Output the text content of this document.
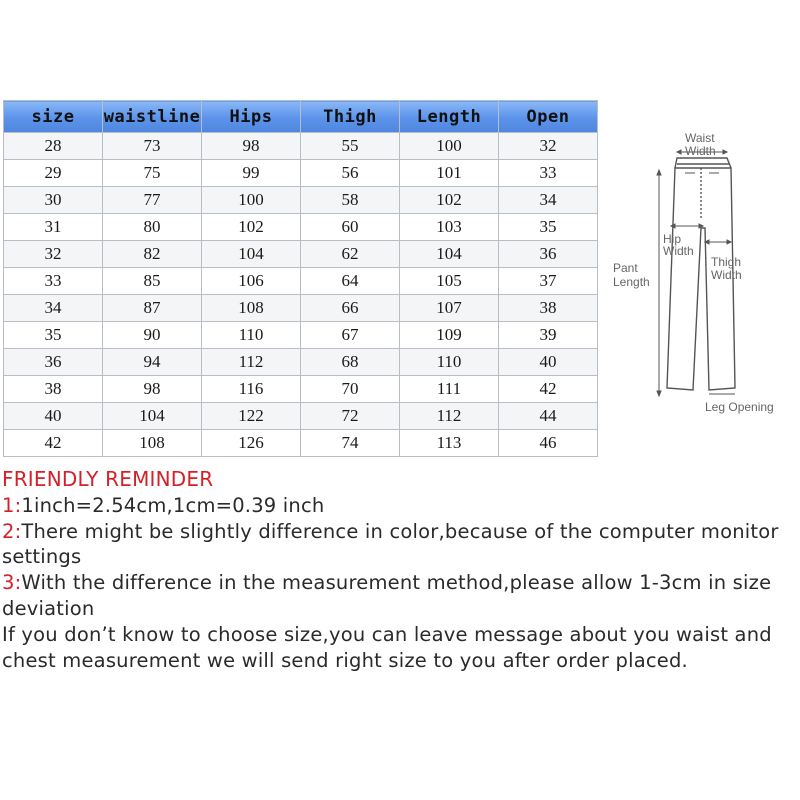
size	waistline	Hips	Thigh	Length	Open
28	73	98	55	100	32
29	75	99	56	101	33
30	77	100	58	102	34
31	80	102	60	103	35
32	82	104	62	104	36
33	85	106	64	105	37
34	87	108	66	107	38
35	90	110	67	109	39
36	94	112	68	110	40
38	98	116	70	111	42
40	104	122	72	112	44
42	108	126	74	113	46
Waist
Width
Hip
Width
Thigh
Width
Pant
Length
Leg Opening

FRIENDLY REMINDER

1:1inch=2.54cm,1cm=0.39 inch

2:There might be slightly difference in color,because of the computer monitor settings

3:With the difference in the measurement method,please allow 1-3cm in size deviation

If you don’t know to choose size,you can leave message about you waist and chest measurement we will send right size to you after order placed.
